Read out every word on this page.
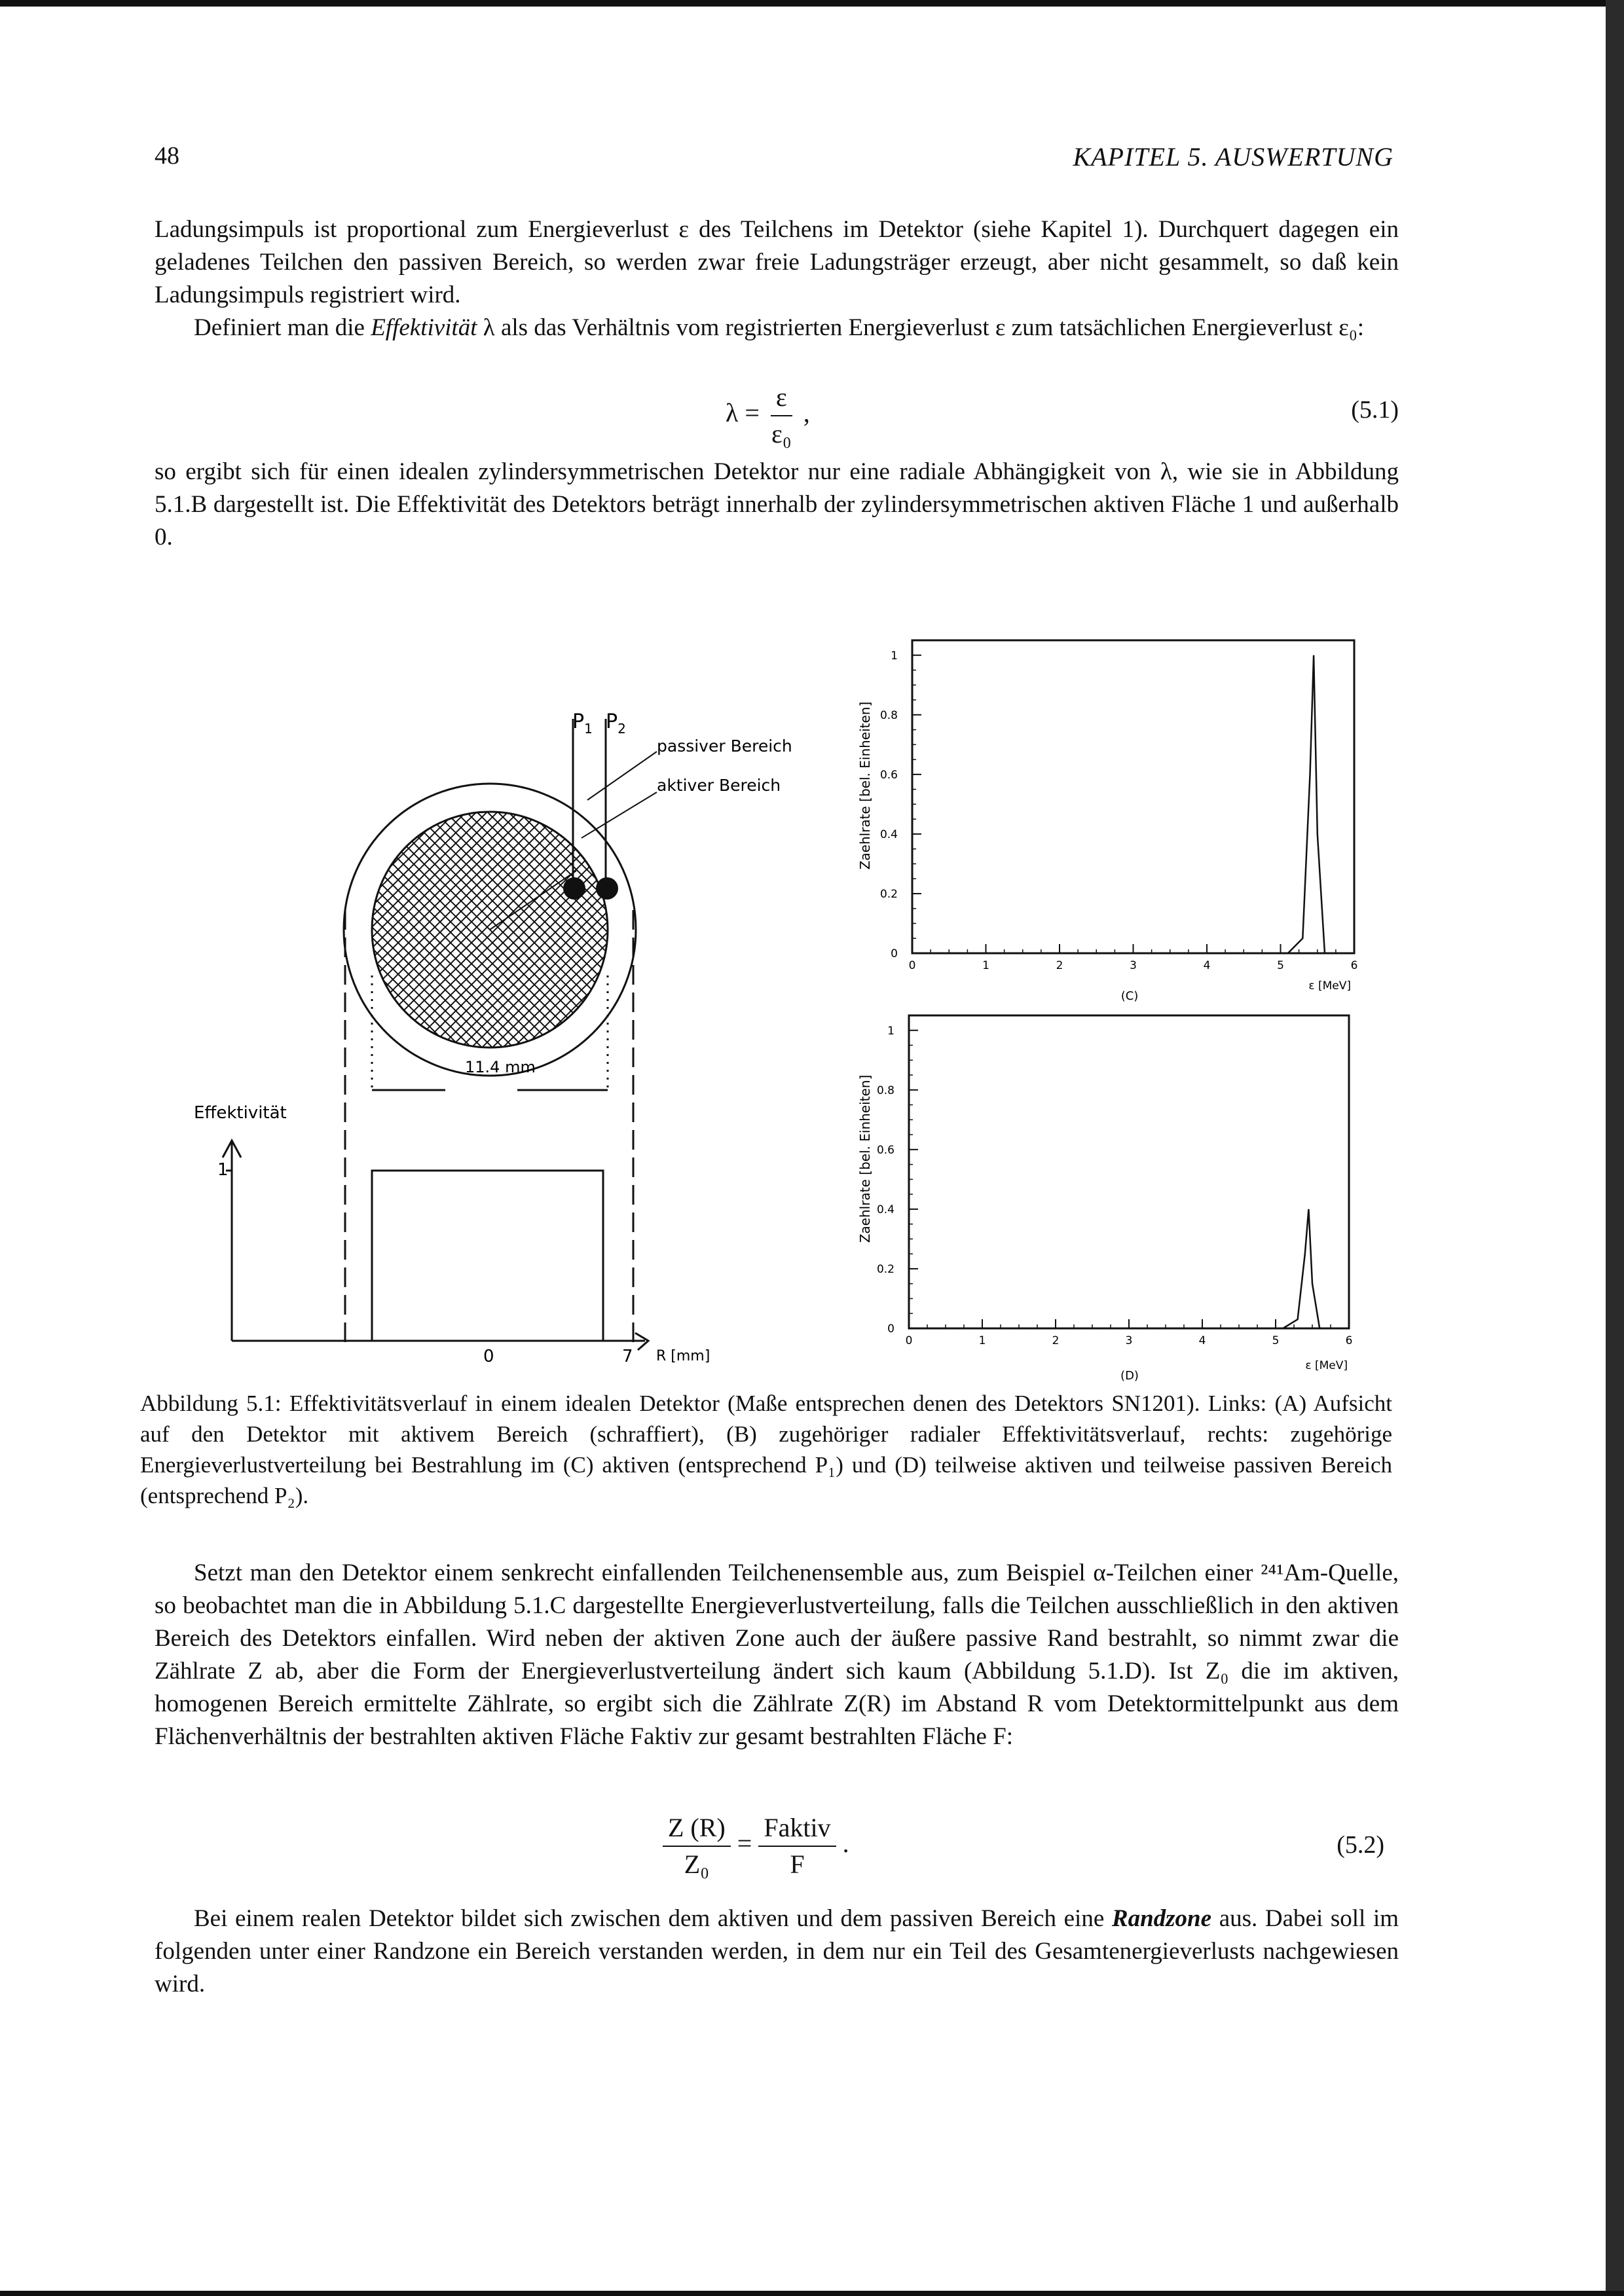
48	KAPITEL 5. AUSWERTUNG

Ladungsimpuls ist proportional zum Energieverlust ε des Teilchens im Detektor (siehe Kapitel 1). Durchquert dagegen ein geladenes Teilchen den passiven Bereich, so werden zwar freie Ladungsträger erzeugt, aber nicht gesammelt, so daß kein Ladungsimpuls registriert wird.

Definiert man die Effektivität λ als das Verhältnis vom registrierten Energieverlust ε zum tatsächlichen Energieverlust ε₀:

$\lambda = \frac{\varepsilon}{\text{ε₀}}$ ,	(5.1)
so ergibt sich für einen idealen zylindersymmetrischen Detektor nur eine radiale Abhängigkeit von λ, wie sie in Abbildung 5.1.B dargestellt ist. Die Effektivität des Detektors beträgt innerhalb der zylindersymmetrischen aktiven Fläche 1 und außerhalb 0.
$P_1$ $P_2$
passiver Bereich
aktiver Bereich
11.4 mm
Effektivität
1
0	7 R [mm]
0
0.2
0.4
0.6
0.8
1
0	1	2	3	4	5	6
Zaehlrate [bel. Einheiten]
ε [MeV]
(C)
0
0.2
0.4
0.6
0.8
1
0	1	2	3	4	5	6
Zaehlrate [bel. Einheiten]
ε [MeV]
(D)

Abbildung 5.1: Effektivitätsverlauf in einem idealen Detektor (Maße entsprechen denen des Detektors SN1201). Links: (A) Aufsicht auf den Detektor mit aktivem Bereich (schraffiert), (B) zugehöriger radialer Effektivitätsverlauf, rechts: zugehörige Energieverlustverteilung bei Bestrahlung im (C) aktiven (entsprechend P₁) und (D) teilweise aktiven und teilweise passiven Bereich (entsprechend P₂).

Setzt man den Detektor einem senkrecht einfallenden Teilchenensemble aus, zum Beispiel α-Teilchen einer ²⁴¹Am-Quelle, so beobachtet man die in Abbildung 5.1.C dargestellte Energieverlustverteilung, falls die Teilchen ausschließlich in den aktiven Bereich des Detektors einfallen. Wird neben der aktiven Zone auch der äußere passive Rand bestrahlt, so nimmt zwar die Zählrate Z ab, aber die Form der Energieverlustverteilung ändert sich kaum (Abbildung 5.1.D). Ist Z₀ die im aktiven, homogenen Bereich ermittelte Zählrate, so ergibt sich die Zählrate Z(R) im Abstand R vom Detektormittelpunkt aus dem Flächenverhältnis der bestrahlten aktiven Fläche Faktiv zur gesamt bestrahlten Fläche F:

$\frac{Z (R)}{\text{Z₀}} = \frac{\text{Faktiv}}{F}$ .	(5.2)

Bei einem realen Detektor bildet sich zwischen dem aktiven und dem passiven Bereich eine Randzone aus. Dabei soll im folgenden unter einer Randzone ein Bereich verstanden werden, in dem nur ein Teil des Gesamtenergieverlusts nachgewiesen wird.
